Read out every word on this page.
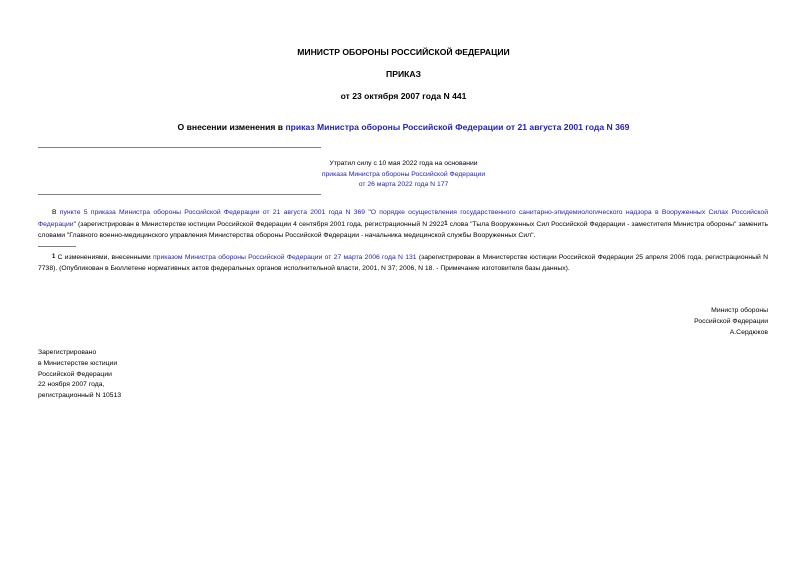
МИНИСТР ОБОРОНЫ РОССИЙСКОЙ ФЕДЕРАЦИИ
ПРИКАЗ
от 23 октября 2007 года N 441
О внесении изменения в приказ Министра обороны Российской Федерации от 21 августа 2001 года N 369
Утратил силу с 10 мая 2022 года на основании
приказа Министра обороны Российской Федерации
от 26 марта 2022 года N 177
В пункте 5 приказа Министра обороны Российской Федерации от 21 августа 2001 года N 369 "О порядке осуществления государственного санитарно-эпидемиологического надзора в Вооруженных Силах Российской Федерации" (зарегистрирован в Министерстве юстиции Российской Федерации 4 сентября 2001 года, регистрационный N 29221 слова "Тыла Вооруженных Сил Российской Федерации - заместителя Министра обороны" заменить словами "Главного военно-медицинского управления Министерства обороны Российской Федерации - начальника медицинской службы Вооруженных Сил".
1 С изменениями, внесенными приказом Министра обороны Российской Федерации от 27 марта 2006 года N 131 (зарегистрирован в Министерстве юстиции Российской Федерации 25 апреля 2006 года, регистрационный N 7738). (Опубликован в Бюллетене нормативных актов федеральных органов исполнительной власти, 2001, N 37; 2006, N 18. - Примечание изготовителя базы данных).
Министр обороны
Российской Федерации
А.Сердюков
Зарегистрировано
в Министерстве юстиции
Российской Федерации
22 ноября 2007 года,
регистрационный N 10513
